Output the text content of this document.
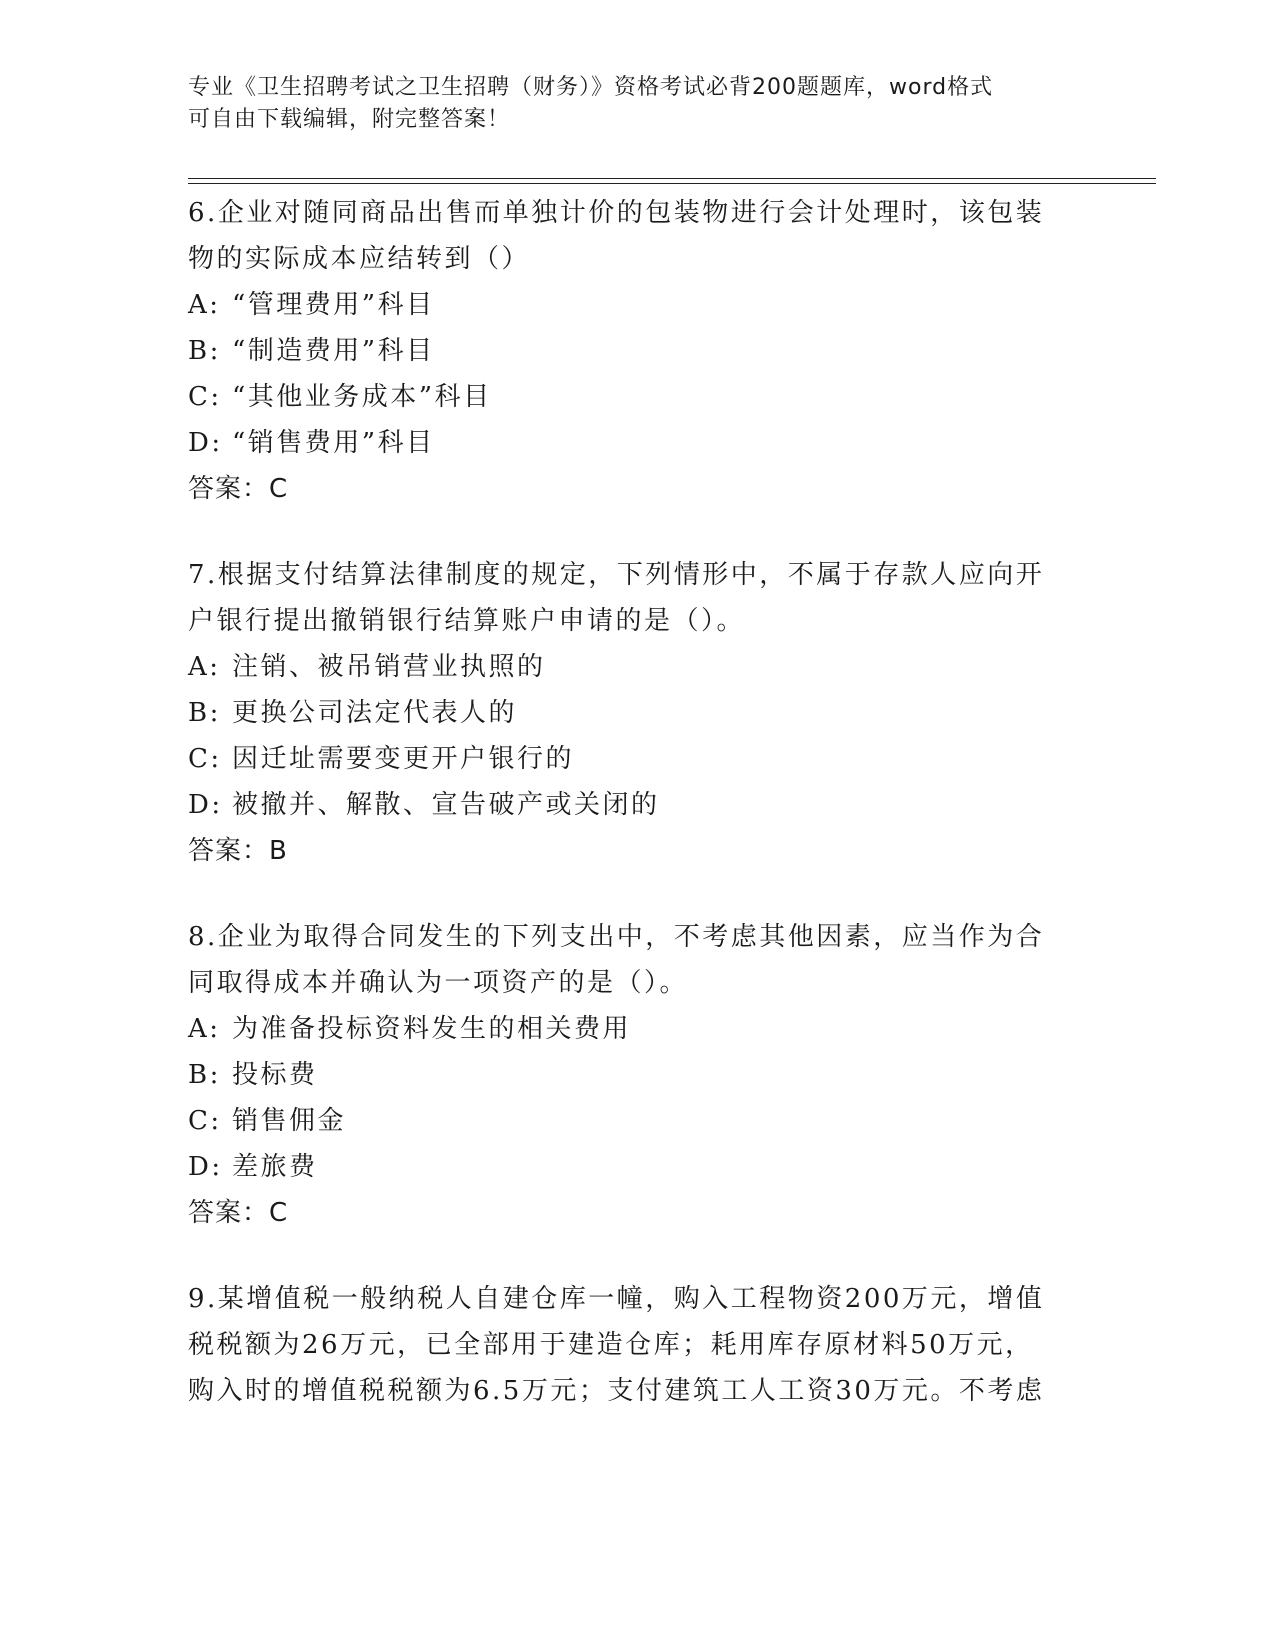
专业《卫生招聘考试之卫生招聘（财务）》资格考试必背200题题库，word格式
可自由下载编辑，附完整答案！
6.企业对随同商品出售而单独计价的包装物进行会计处理时，该包装
物的实际成本应结转到（）
A: “管理费用”科目
B: “制造费用”科目
C: “其他业务成本”科目
D: “销售费用”科目
答案：C
7.根据支付结算法律制度的规定，下列情形中，不属于存款人应向开
户银行提出撤销银行结算账户申请的是（）。
A: 注销、被吊销营业执照的
B: 更换公司法定代表人的
C: 因迁址需要变更开户银行的
D: 被撤并、解散、宣告破产或关闭的
答案：B
8.企业为取得合同发生的下列支出中，不考虑其他因素，应当作为合
同取得成本并确认为一项资产的是（）。
A: 为准备投标资料发生的相关费用
B: 投标费
C: 销售佣金
D: 差旅费
答案：C
9.某增值税一般纳税人自建仓库一幢，购入工程物资200万元，增值
税税额为26万元，已全部用于建造仓库；耗用库存原材料50万元，
购入时的增值税税额为6.5万元；支付建筑工人工资30万元。不考虑
